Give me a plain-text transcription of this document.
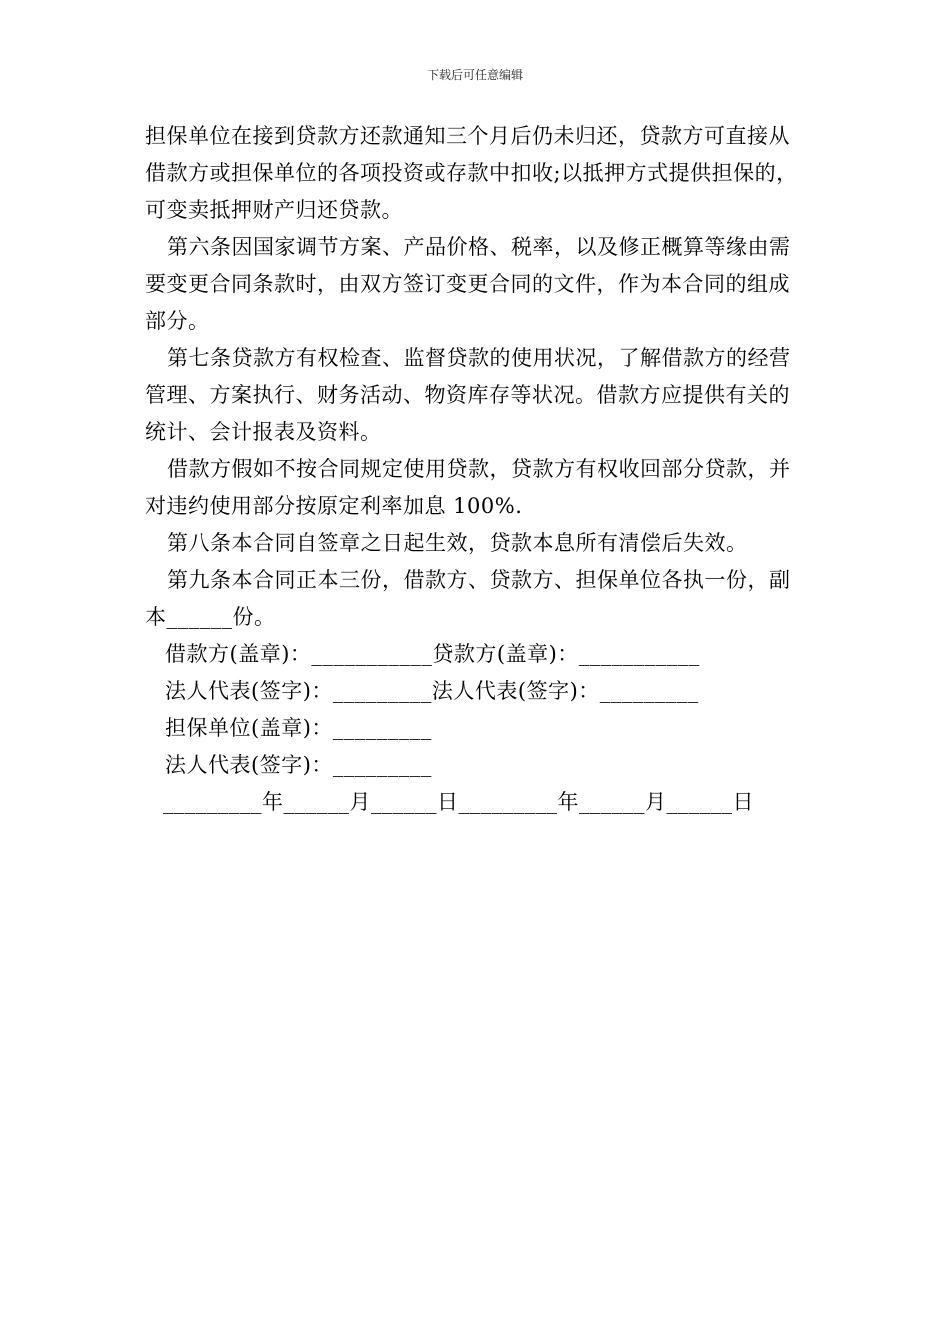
下载后可任意编辑

担保单位在接到贷款方还款通知三个月后仍未归还，贷款方可直接从借款方或担保单位的各项投资或存款中扣收;以抵押方式提供担保的，可变卖抵押财产归还贷款。

第六条因国家调节方案、产品价格、税率，以及修正概算等缘由需要变更合同条款时，由双方签订变更合同的文件，作为本合同的组成部分。

第七条贷款方有权检查、监督贷款的使用状况，了解借款方的经营管理、方案执行、财务活动、物资库存等状况。借款方应提供有关的统计、会计报表及资料。

借款方假如不按合同规定使用贷款，贷款方有权收回部分贷款，并对违约使用部分按原定利率加息 100%.

第八条本合同自签章之日起生效，贷款本息所有清偿后失效。

第九条本合同正本三份，借款方、贷款方、担保单位各执一份，副本______份。

借款方(盖章)：___________贷款方(盖章)：___________

法人代表(签字)：_________法人代表(签字)：_________

担保单位(盖章)：_________

法人代表(签字)：_________

_________年______月______日_________年______月______日
